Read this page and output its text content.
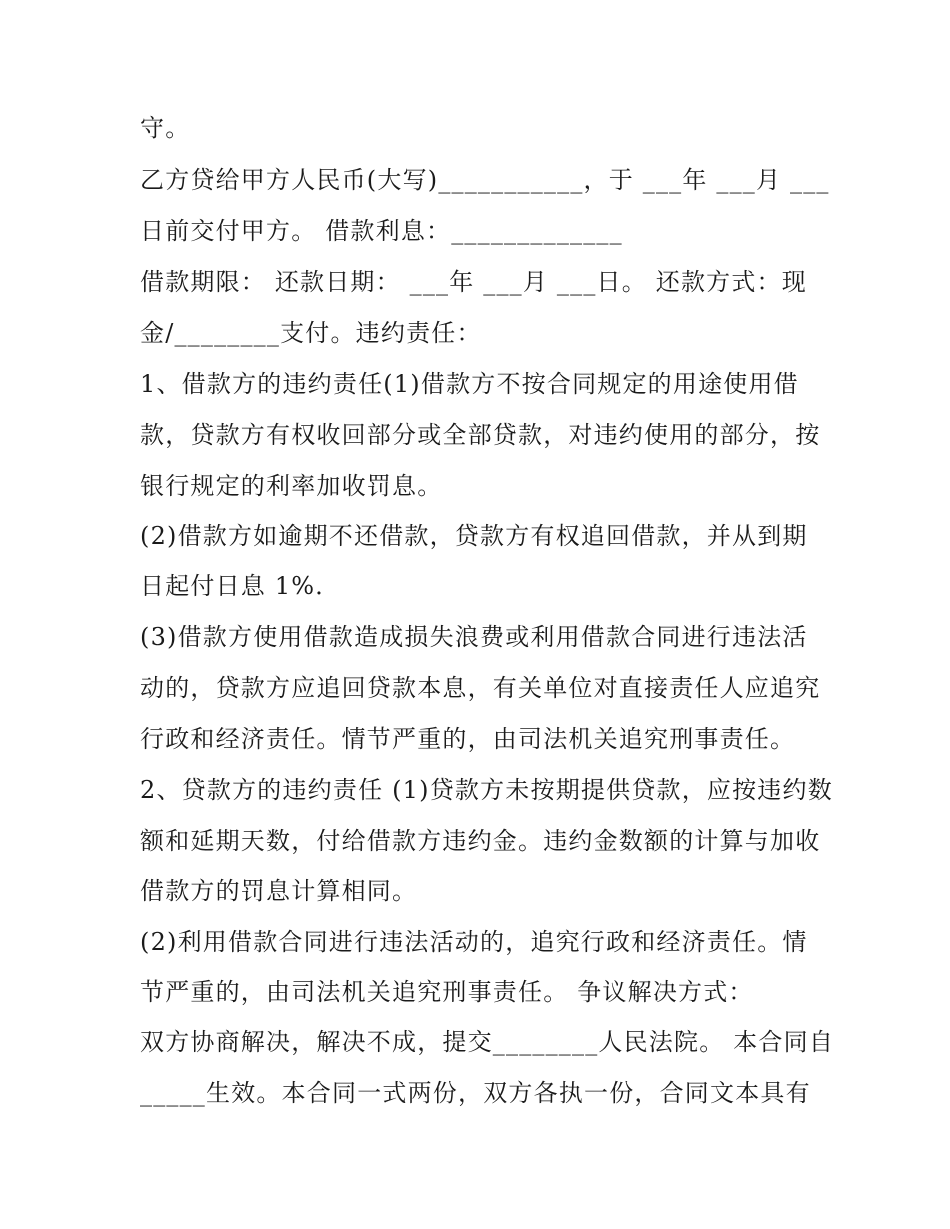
守。
乙方贷给甲方人民币(大写)___________，于 ___年 ___月 ___
日前交付甲方。 借款利息：_____________
借款期限： 还款日期： ___年 ___月 ___日。 还款方式：现
金/________支付。违约责任：
1、借款方的违约责任(1)借款方不按合同规定的用途使用借
款，贷款方有权收回部分或全部贷款，对违约使用的部分，按
银行规定的利率加收罚息。
(2)借款方如逾期不还借款，贷款方有权追回借款，并从到期
日起付日息 1%．
(3)借款方使用借款造成损失浪费或利用借款合同进行违法活
动的，贷款方应追回贷款本息，有关单位对直接责任人应追究
行政和经济责任。情节严重的，由司法机关追究刑事责任。
2、贷款方的违约责任 (1)贷款方未按期提供贷款，应按违约数
额和延期天数，付给借款方违约金。违约金数额的计算与加收
借款方的罚息计算相同。
(2)利用借款合同进行违法活动的，追究行政和经济责任。情
节严重的，由司法机关追究刑事责任。 争议解决方式：
双方协商解决，解决不成，提交________人民法院。 本合同自
_____生效。本合同一式两份，双方各执一份，合同文本具有
